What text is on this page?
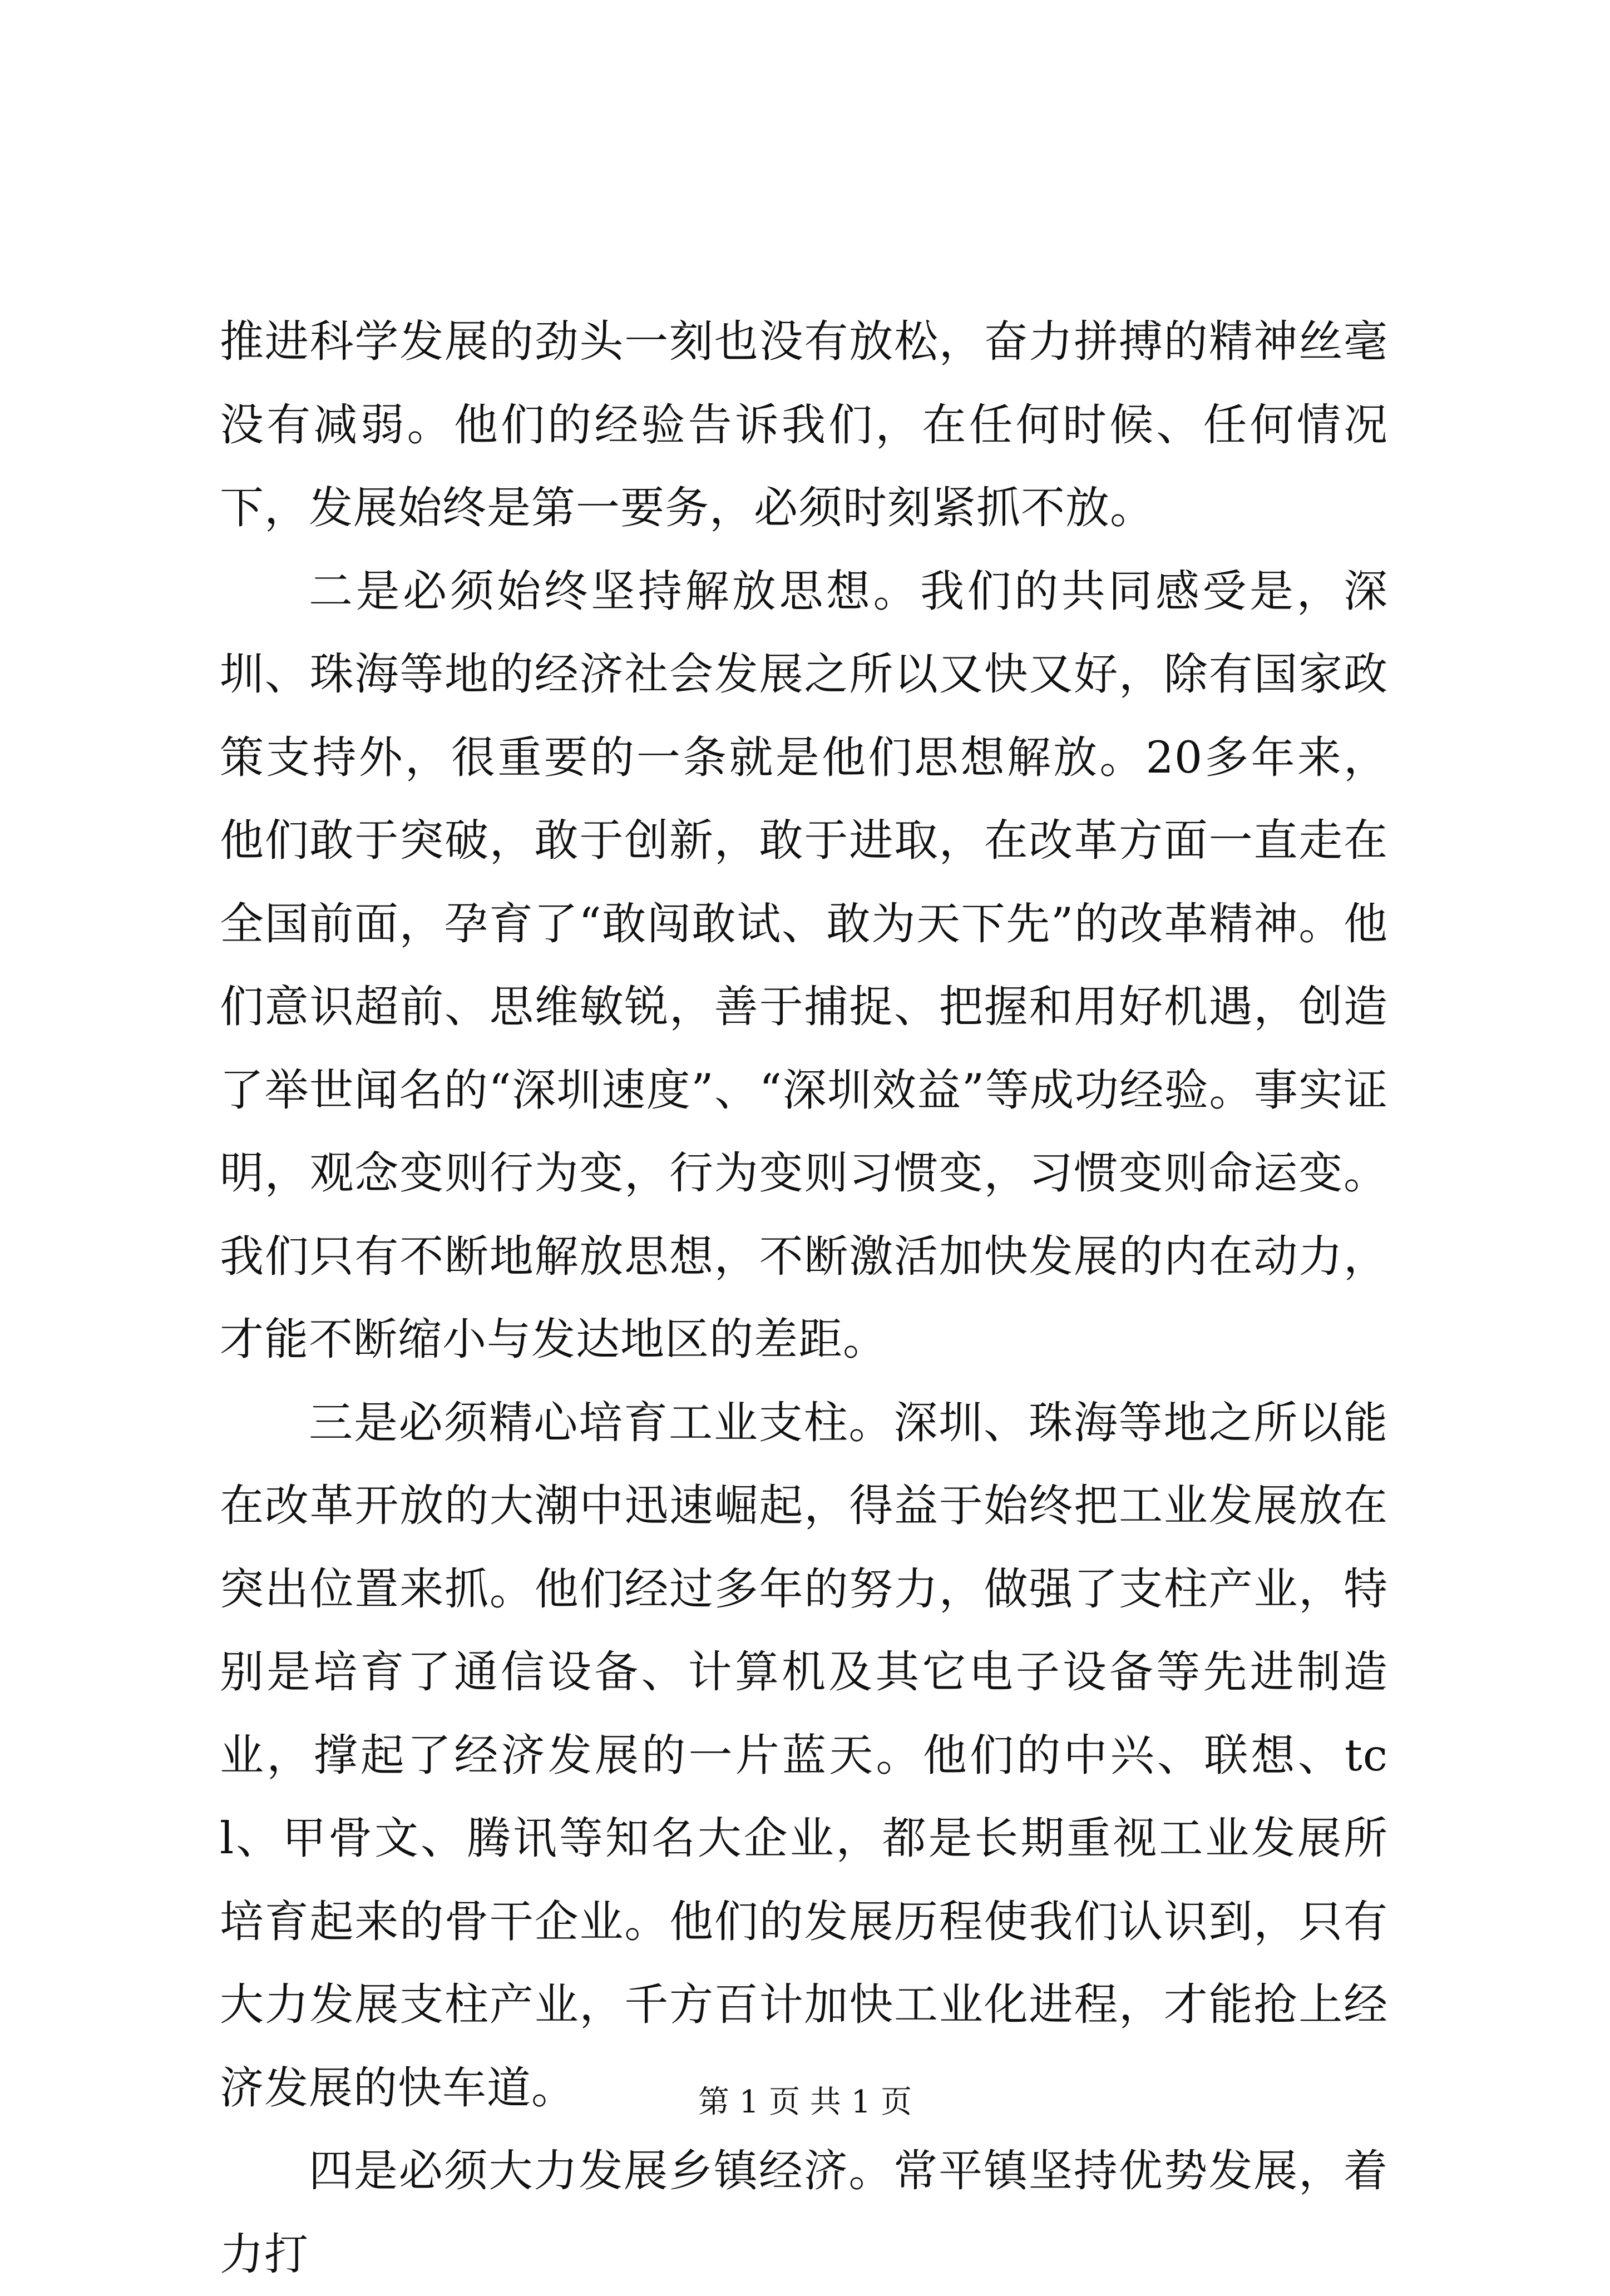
推进科学发展的劲头一刻也没有放松，奋力拼搏的精神丝毫没有减弱。他们的经验告诉我们，在任何时候、任何情况下，发展始终是第一要务，必须时刻紧抓不放。

二是必须始终坚持解放思想。我们的共同感受是，深圳、珠海等地的经济社会发展之所以又快又好，除有国家政策支持外，很重要的一条就是他们思想解放。20多年来，他们敢于突破，敢于创新，敢于进取，在改革方面一直走在全国前面，孕育了“敢闯敢试、敢为天下先”的改革精神。他们意识超前、思维敏锐，善于捕捉、把握和用好机遇，创造了举世闻名的“深圳速度”、“深圳效益”等成功经验。事实证明，观念变则行为变，行为变则习惯变，习惯变则命运变。我们只有不断地解放思想，不断激活加快发展的内在动力，才能不断缩小与发达地区的差距。

三是必须精心培育工业支柱。深圳、珠海等地之所以能在改革开放的大潮中迅速崛起，得益于始终把工业发展放在突出位置来抓。他们经过多年的努力，做强了支柱产业，特别是培育了通信设备、计算机及其它电子设备等先进制造业，撑起了经济发展的一片蓝天。他们的中兴、联想、tcl、甲骨文、腾讯等知名大企业，都是长期重视工业发展所培育起来的骨干企业。他们的发展历程使我们认识到，只有大力发展支柱产业，千方百计加快工业化进程，才能抢上经济发展的快车道。

四是必须大力发展乡镇经济。常平镇坚持优势发展，着力打

第 1 页 共 1 页
